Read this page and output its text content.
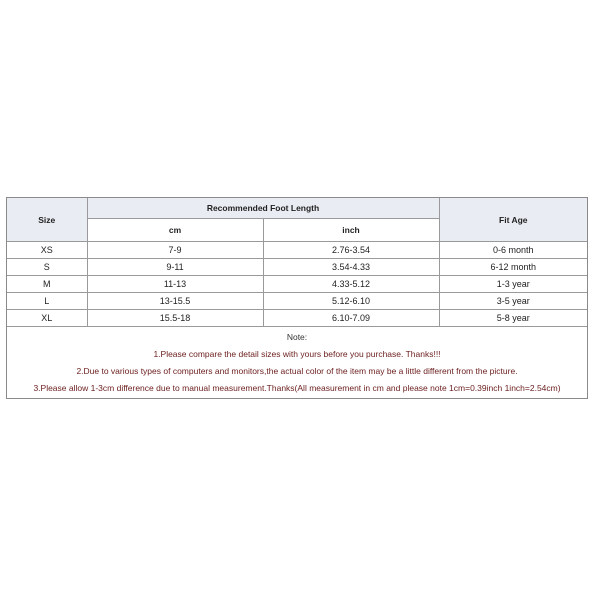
Size	Recommended Foot Length		Fit Age
	cm	inch	
XS	7-9	2.76-3.54	0-6 month
S	9-11	3.54-4.33	6-12 month
M	11-13	4.33-5.12	1-3 year
L	13-15.5	5.12-6.10	3-5 year
XL	15.5-18	6.10-7.09	5-8 year
Note:
1.Please compare the detail sizes with yours before you purchase. Thanks!!!
2.Due to various types of computers and monitors,the actual color of the item may be a little different from the picture.
3.Please allow 1-3cm difference due to manual measurement.Thanks(All measurement in cm and please note 1cm=0.39inch 1inch=2.54cm)
